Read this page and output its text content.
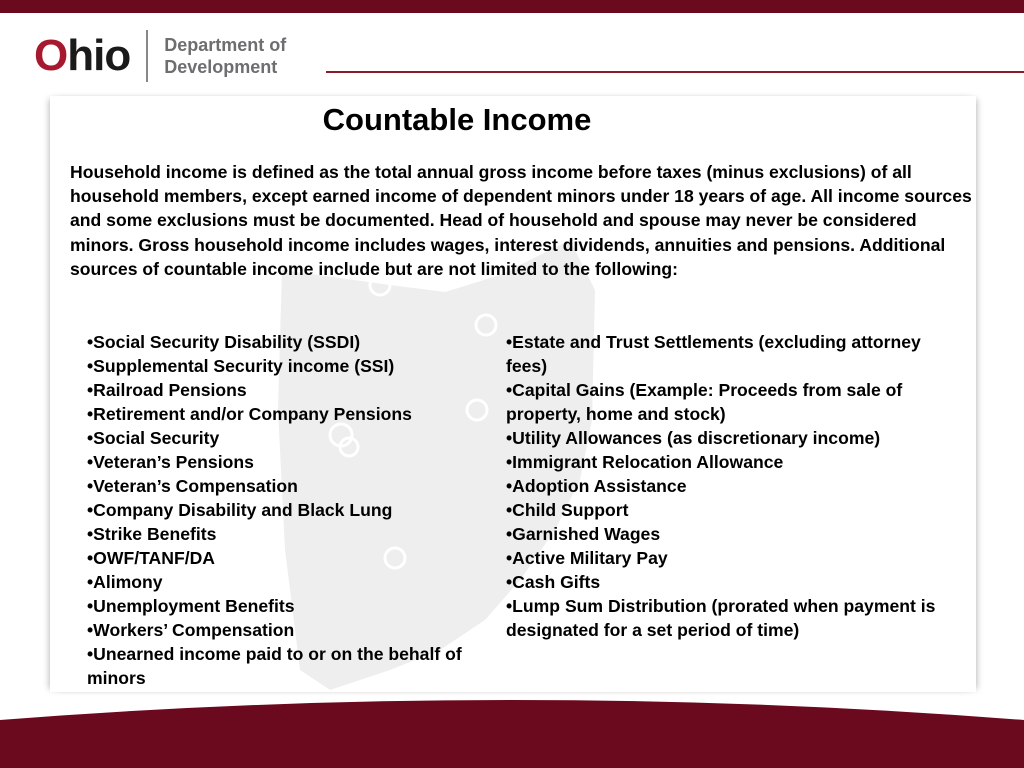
Ohio Department of
Development
Countable Income
Household income is defined as the total annual gross income before taxes (minus exclusions) of all household members, except earned income of dependent minors under 18 years of age. All income sources and some exclusions must be documented. Head of household and spouse may never be considered minors. Gross household income includes wages, interest dividends, annuities and pensions. Additional sources of countable income include but are not limited to the following:
• Social Security Disability (SSDI)
• Supplemental Security income (SSI)
• Railroad Pensions
• Retirement and/or Company Pensions
• Social Security
• Veteran’s Pensions
• Veteran’s Compensation
• Company Disability and Black Lung
• Strike Benefits
• OWF/TANF/DA
• Alimony
• Unemployment Benefits
• Workers’ Compensation
• Unearned income paid to or on the behalf of minors
• Estate and Trust Settlements (excluding attorney fees)
• Capital Gains (Example: Proceeds from sale of property, home and stock)
• Utility Allowances (as discretionary income)
• Immigrant Relocation Allowance
• Adoption Assistance
• Child Support
• Garnished Wages
• Active Military Pay
• Cash Gifts
• Lump Sum Distribution (prorated when payment is designated for a set period of time)
